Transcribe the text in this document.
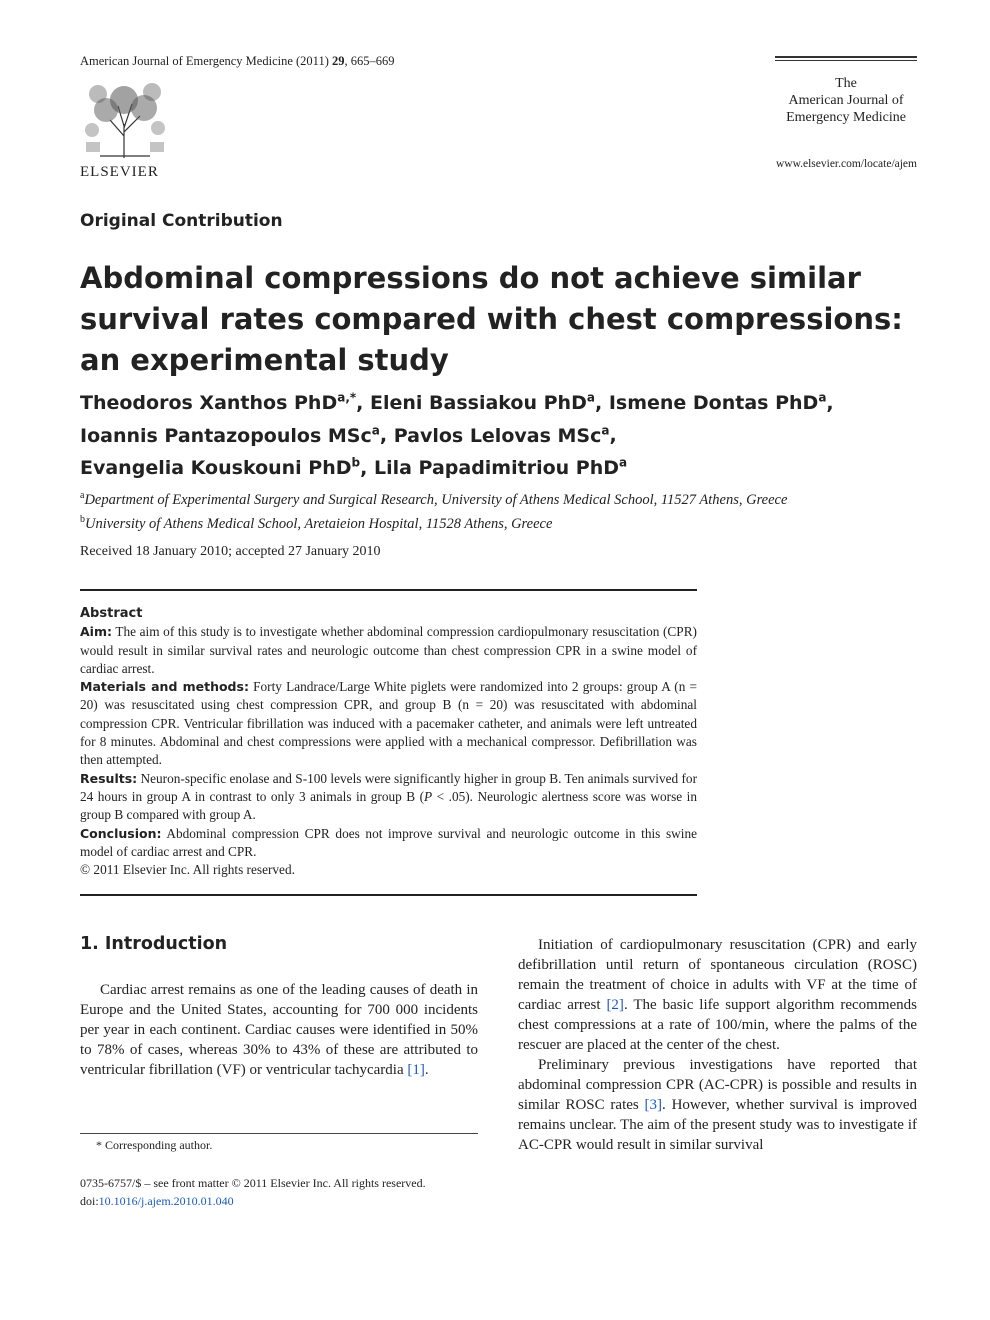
American Journal of Emergency Medicine (2011) 29, 665–669
ELSEVIER
The
American Journal of
Emergency Medicine
www.elsevier.com/locate/ajem
Original Contribution
Abdominal compressions do not achieve similar survival rates compared with chest compressions: an experimental study
Theodoros Xanthos PhD$^{a,*}$, Eleni Bassiakou PhD$^a$, Ismene Dontas PhD$^a$,
Ioannis Pantazopoulos MSc$^a$, Pavlos Lelovas MSc$^a$,
Evangelia Kouskouni PhD$^b$, Lila Papadimitriou PhD$^a$
$^a$Department of Experimental Surgery and Surgical Research, University of Athens Medical School, 11527 Athens, Greece
$^b$University of Athens Medical School, Aretaieion Hospital, 11528 Athens, Greece
Received 18 January 2010; accepted 27 January 2010
Abstract

Aim: The aim of this study is to investigate whether abdominal compression cardiopulmonary resuscitation (CPR) would result in similar survival rates and neurologic outcome than chest compression CPR in a swine model of cardiac arrest.

Materials and methods: Forty Landrace/Large White piglets were randomized into 2 groups: group A (n = 20) was resuscitated using chest compression CPR, and group B (n = 20) was resuscitated with abdominal compression CPR. Ventricular fibrillation was induced with a pacemaker catheter, and animals were left untreated for 8 minutes. Abdominal and chest compressions were applied with a mechanical compressor. Defibrillation was then attempted.

Results: Neuron-specific enolase and S-100 levels were significantly higher in group B. Ten animals survived for 24 hours in group A in contrast to only 3 animals in group B (P < .05). Neurologic alertness score was worse in group B compared with group A.

Conclusion: Abdominal compression CPR does not improve survival and neurologic outcome in this swine model of cardiac arrest and CPR.

© 2011 Elsevier Inc. All rights reserved.

1. Introduction

Cardiac arrest remains as one of the leading causes of death in Europe and the United States, accounting for 700 000 incidents per year in each continent. Cardiac causes were identified in 50% to 78% of cases, whereas 30% to 43% of these are attributed to ventricular fibrillation (VF) or ventricular tachycardia [1].

* Corresponding author.
0735-6757/$ – see front matter © 2011 Elsevier Inc. All rights reserved.
doi:10.1016/j.ajem.2010.01.040

Initiation of cardiopulmonary resuscitation (CPR) and early defibrillation until return of spontaneous circulation (ROSC) remain the treatment of choice in adults with VF at the time of cardiac arrest [2]. The basic life support algorithm recommends chest compressions at a rate of 100/min, where the palms of the rescuer are placed at the center of the chest.

Preliminary previous investigations have reported that abdominal compression CPR (AC-CPR) is possible and results in similar ROSC rates [3]. However, whether survival is improved remains unclear. The aim of the present study was to investigate if AC-CPR would result in similar survival
